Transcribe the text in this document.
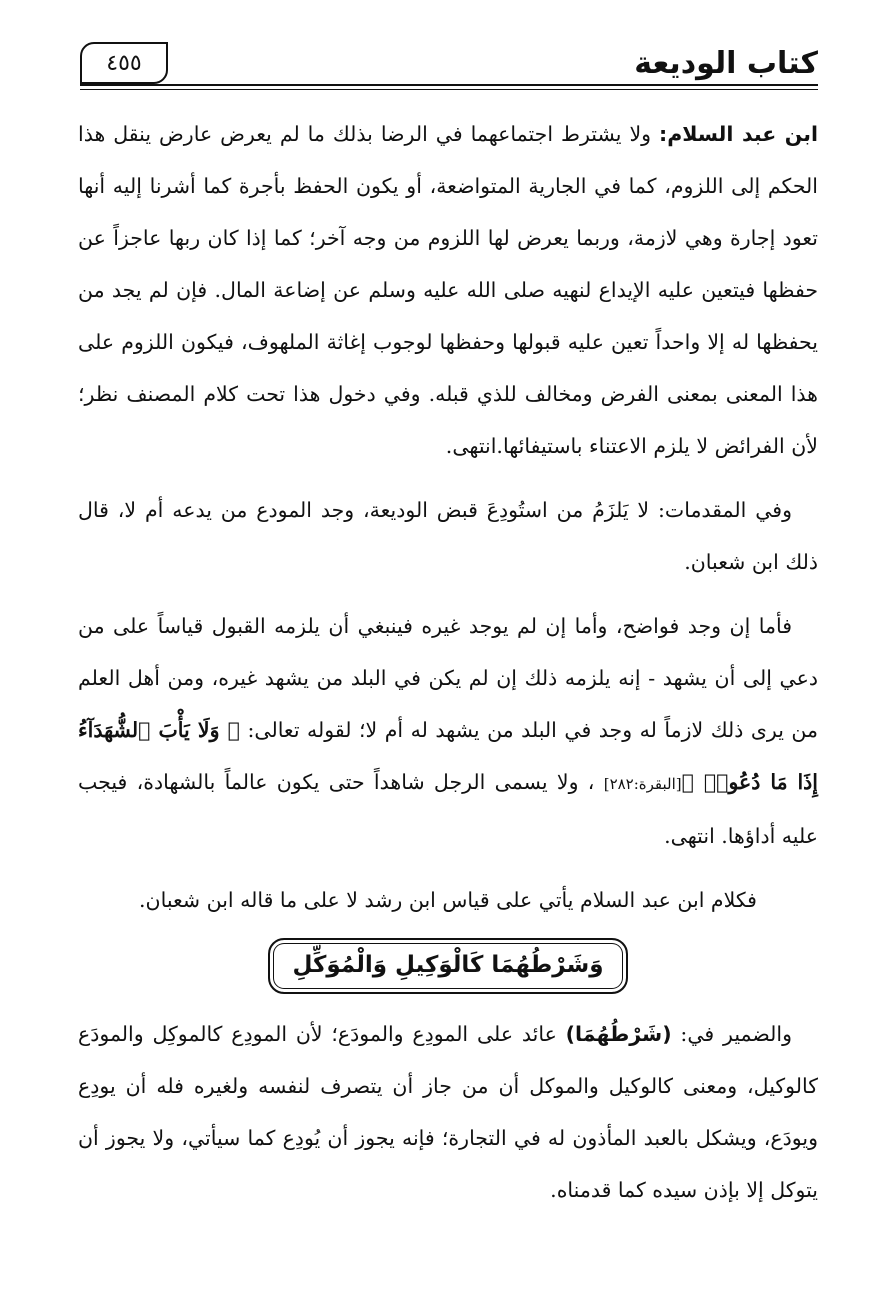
كتاب الوديعة
٤٥٥

ابن عبد السلام: ولا يشترط اجتماعهما في الرضا بذلك ما لم يعرض عارض ينقل هذا الحكم إلى اللزوم، كما في الجارية المتواضعة، أو يكون الحفظ بأجرة كما أشرنا إليه أنها تعود إجارة وهي لازمة، وربما يعرض لها اللزوم من وجه آخر؛ كما إذا كان ربها عاجزاً عن حفظها فيتعين عليه الإيداع لنهيه صلى الله عليه وسلم عن إضاعة المال. فإن لم يجد من يحفظها له إلا واحداً تعين عليه قبولها وحفظها لوجوب إغاثة الملهوف، فيكون اللزوم على هذا المعنى بمعنى الفرض ومخالف للذي قبله. وفي دخول هذا تحت كلام المصنف نظر؛ لأن الفرائض لا يلزم الاعتناء باستيفائها.انتهى.

وفي المقدمات: لا يَلزَمُ من استُودِعَ قبض الوديعة، وجد المودع من يدعه أم لا، قال ذلك ابن شعبان.

فأما إن وجد فواضح، وأما إن لم يوجد غيره فينبغي أن يلزمه القبول قياساً على من دعي إلى أن يشهد - إنه يلزمه ذلك إن لم يكن في البلد من يشهد غيره، ومن أهل العلم من يرى ذلك لازماً له وجد في البلد من يشهد له أم لا؛ لقوله تعالى: ﴿ وَلَا يَأْبَ ٱلشُّهَدَآءُ إِذَا مَا دُعُوا۟ ﴾[البقرة:٢٨٢] ، ولا يسمى الرجل شاهداً حتى يكون عالماً بالشهادة، فيجب عليه أداؤها. انتهى.

فكلام ابن عبد السلام يأتي على قياس ابن رشد لا على ما قاله ابن شعبان.

وَشَرْطُهُمَا كَالْوَكِيلِ وَالْمُوَكِّلِ

والضمير في: (شَرْطُهُمَا) عائد على المودِع والمودَع؛ لأن المودِع كالموكِل والمودَع كالوكيل، ومعنى كالوكيل والموكل أن من جاز أن يتصرف لنفسه ولغيره فله أن يودِع ويودَع، ويشكل بالعبد المأذون له في التجارة؛ فإنه يجوز أن يُودِع كما سيأتي، ولا يجوز أن يتوكل إلا بإذن سيده كما قدمناه.
